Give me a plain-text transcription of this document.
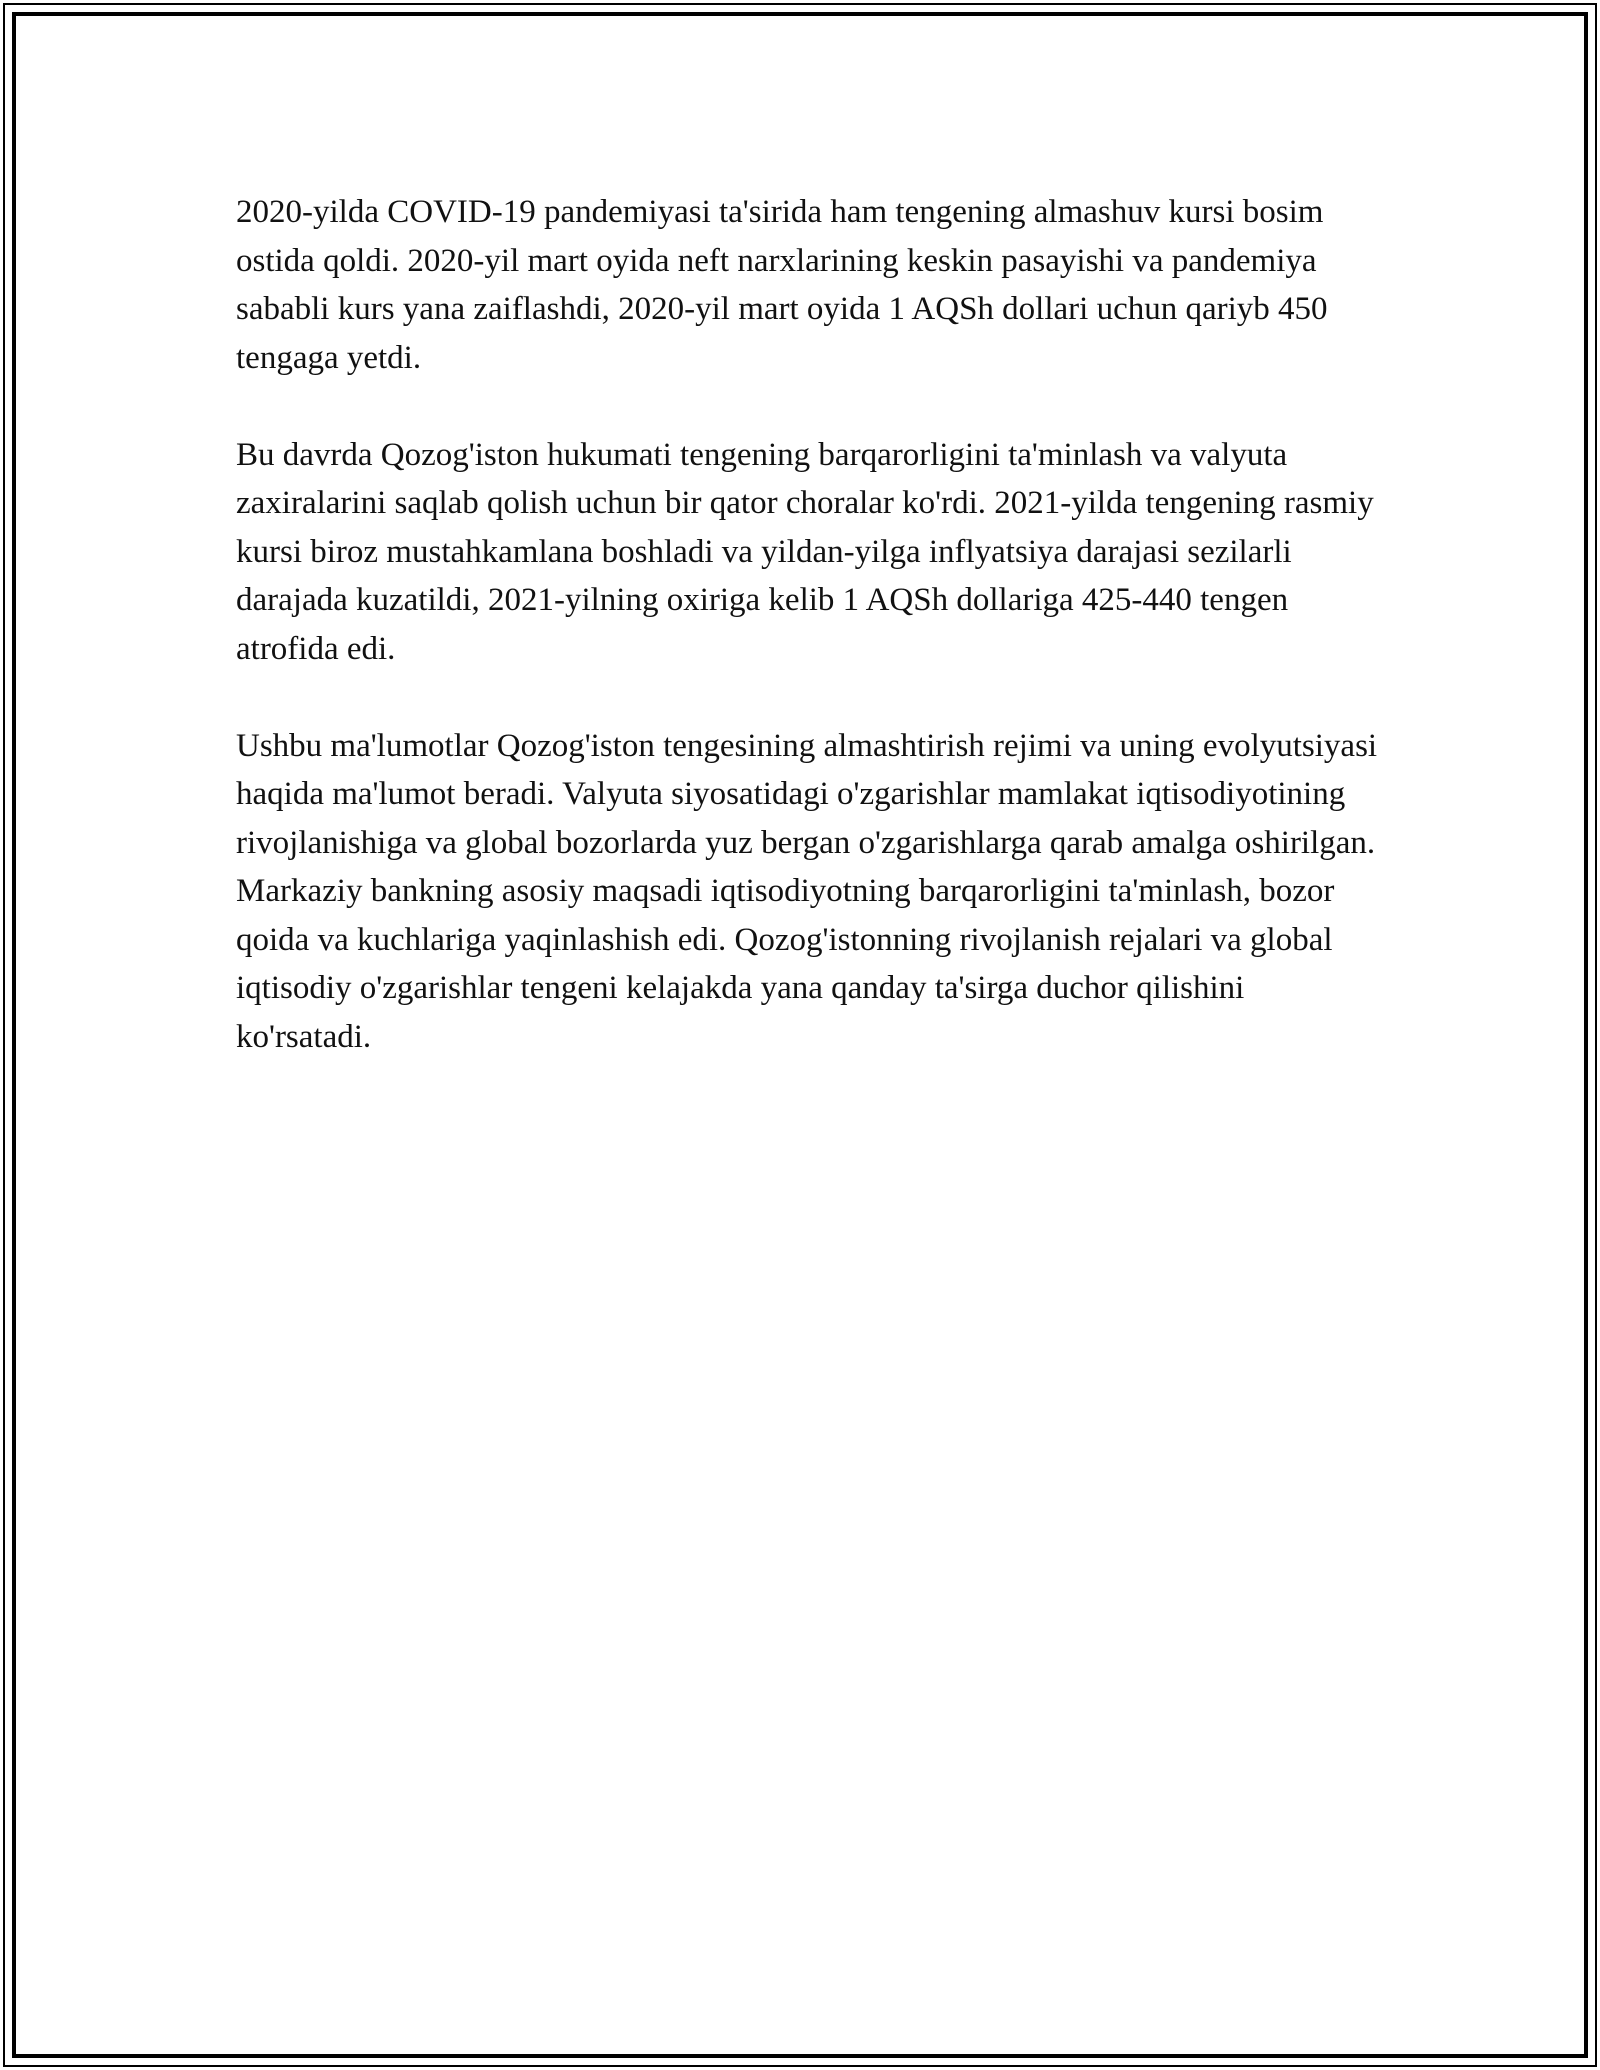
2020-yilda COVID-19 pandemiyasi ta'sirida ham tengening almashuv kursi bosim ostida qoldi. 2020-yil mart oyida neft narxlarining keskin pasayishi va pandemiya sababli kurs yana zaiflashdi, 2020-yil mart oyida 1 AQSh dollari uchun qariyb 450 tengaga yetdi.

Bu davrda Qozog'iston hukumati tengening barqarorligini ta'minlash va valyuta zaxiralarini saqlab qolish uchun bir qator choralar ko'rdi. 2021-yilda tengening rasmiy kursi biroz mustahkamlana boshladi va yildan-yilga inflyatsiya darajasi sezilarli darajada kuzatildi, 2021-yilning oxiriga kelib 1 AQSh dollariga 425-440 tengen atrofida edi.

Ushbu ma'lumotlar Qozog'iston tengesining almashtirish rejimi va uning evolyutsiyasi haqida ma'lumot beradi. Valyuta siyosatidagi o'zgarishlar mamlakat iqtisodiyotining rivojlanishiga va global bozorlarda yuz bergan o'zgarishlarga qarab amalga oshirilgan. Markaziy bankning asosiy maqsadi iqtisodiyotning barqarorligini ta'minlash, bozor qoida va kuchlariga yaqinlashish edi. Qozog'istonning rivojlanish rejalari va global iqtisodiy o'zgarishlar tengeni kelajakda yana qanday ta'sirga duchor qilishini ko'rsatadi.
